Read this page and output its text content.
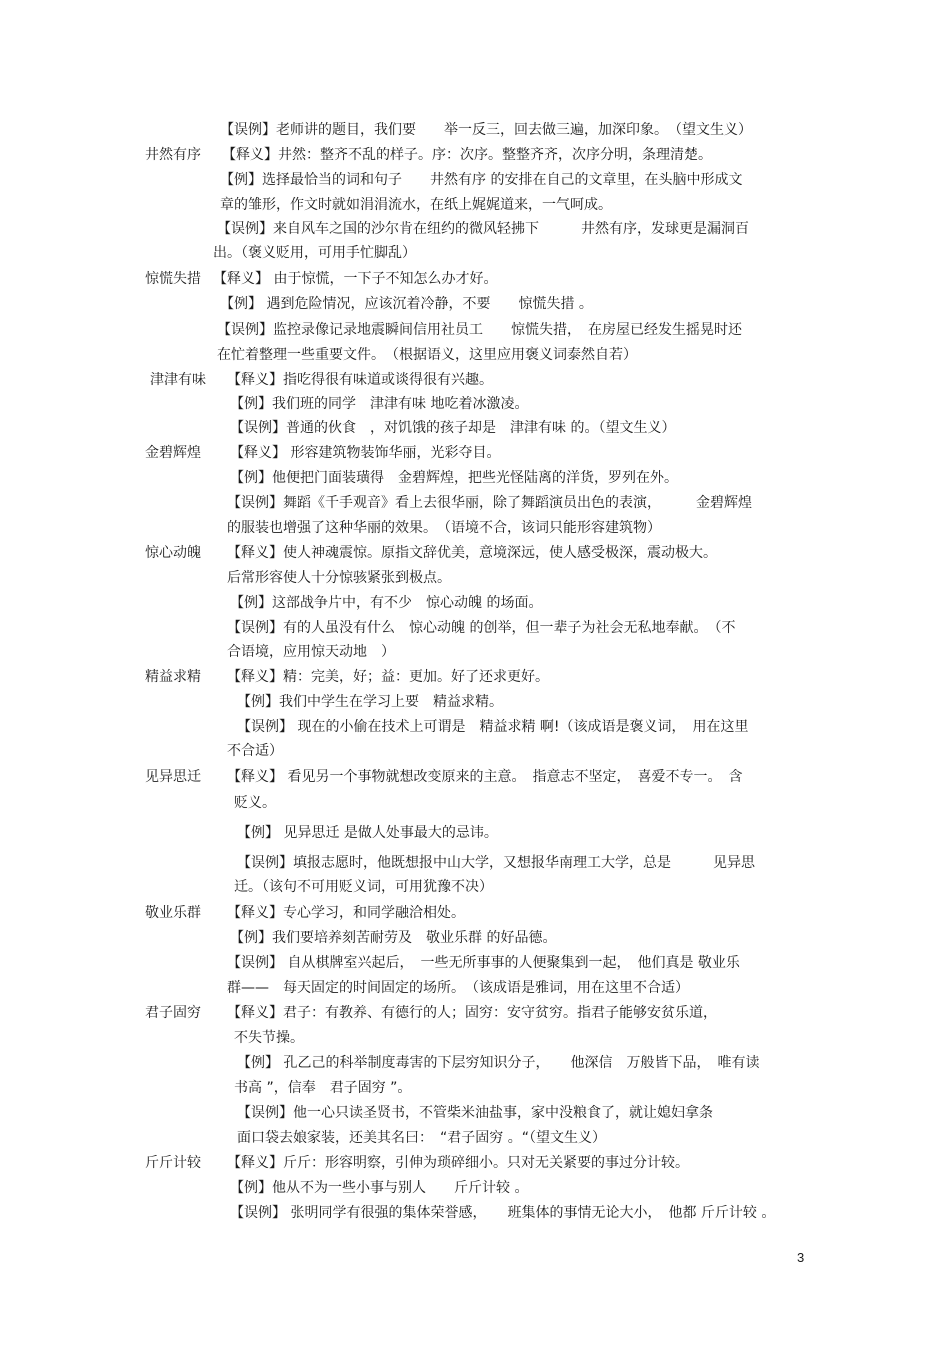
井然有序
惊慌失措
津津有味
金碧辉煌
惊心动魄
精益求精
见异思迁
敬业乐群
君子固穷
斤斤计较
【误例】老师讲的题目，我们要　　举一反三，回去做三遍，加深印象。　（望文生义）
【释义】井然：整齐不乱的样子。序：次序。整整齐齐，次序分明，条理清楚。
【例】选择最恰当的词和句子　　井然有序 的安排在自己的文章里，在头脑中形成文
章的雏形，作文时就如涓涓流水，在纸上娓娓道来，一气呵成。
【误例】来自风车之国的沙尔肯在纽约的微风轻拂下　　　井然有序，发球更是漏洞百
出。（褒义贬用，可用手忙脚乱）
【释义】 由于惊慌，一下子不知怎么办才好。
【例】 遇到危险情况，应该沉着冷静，不要　　惊慌失措 。
【误例】监控录像记录地震瞬间信用社员工　　惊慌失措，　在房屋已经发生摇晃时还
在忙着整理一些重要文件。　（根据语义，这里应用褒义词泰然自若）
【释义】指吃得很有味道或谈得很有兴趣。
【例】我们班的同学　津津有味 地吃着冰激凌。
【误例】普通的伙食　，对饥饿的孩子却是　津津有味 的。（望文生义）
【释义】 形容建筑物装饰华丽，光彩夺目。
【例】他便把门面装璜得　金碧辉煌，把些光怪陆离的洋货，罗列在外。
【误例】舞蹈《千手观音》看上去很华丽，除了舞蹈演员出色的表演，　　　金碧辉煌
的服装也增强了这种华丽的效果。　（语境不合，该词只能形容建筑物）
【释义】使人神魂震惊。原指文辞优美，意境深远，使人感受极深，震动极大。
后常形容使人十分惊骇紧张到极点。
【例】这部战争片中，有不少　惊心动魄 的场面。
【误例】有的人虽没有什么　惊心动魄 的创举，但一辈子为社会无私地奉献。　（不
合语境，应用惊天动地　）
【释义】精：完美，好；益：更加。好了还求更好。
【例】我们中学生在学习上要　精益求精。
【误例】 现在的小偷在技术上可谓是　精益求精 啊!（该成语是褒义词，　用在这里
不合适）
【释义】 看见另一个事物就想改变原来的主意。　指意志不坚定，　喜爱不专一。　含
贬义。
【例】 见异思迁 是做人处事最大的忌讳。
【误例】填报志愿时，他既想报中山大学，又想报华南理工大学，总是　　　见异思
迁。（该句不可用贬义词，可用犹豫不决）
【释义】专心学习，和同学融洽相处。
【例】我们要培养刻苦耐劳及　敬业乐群 的好品德。
【误例】 自从棋牌室兴起后，　一些无所事事的人便聚集到一起，　他们真是 敬业乐
群——　每天固定的时间固定的场所。　（该成语是雅词，用在这里不合适）
【释义】君子：有教养、有德行的人；固穷：安守贫穷。指君子能够安贫乐道，
不失节操。
【例】 孔乙己的科举制度毒害的下层穷知识分子，　　他深信　万般皆下品，　唯有读
书高 ”，信奉　君子固穷 ”。
【误例】他一心只读圣贤书，不管柴米油盐事，家中没粮食了，就让媳妇拿条
面口袋去娘家装，还美其名曰：　“君子固穷 。“（望文生义）
【释义】斤斤：形容明察，引伸为琐碎细小。只对无关紧要的事过分计较。
【例】他从不为一些小事与别人　　斤斤计较 。
【误例】 张明同学有很强的集体荣誉感，　　班集体的事情无论大小，　他都 斤斤计较 。
3
